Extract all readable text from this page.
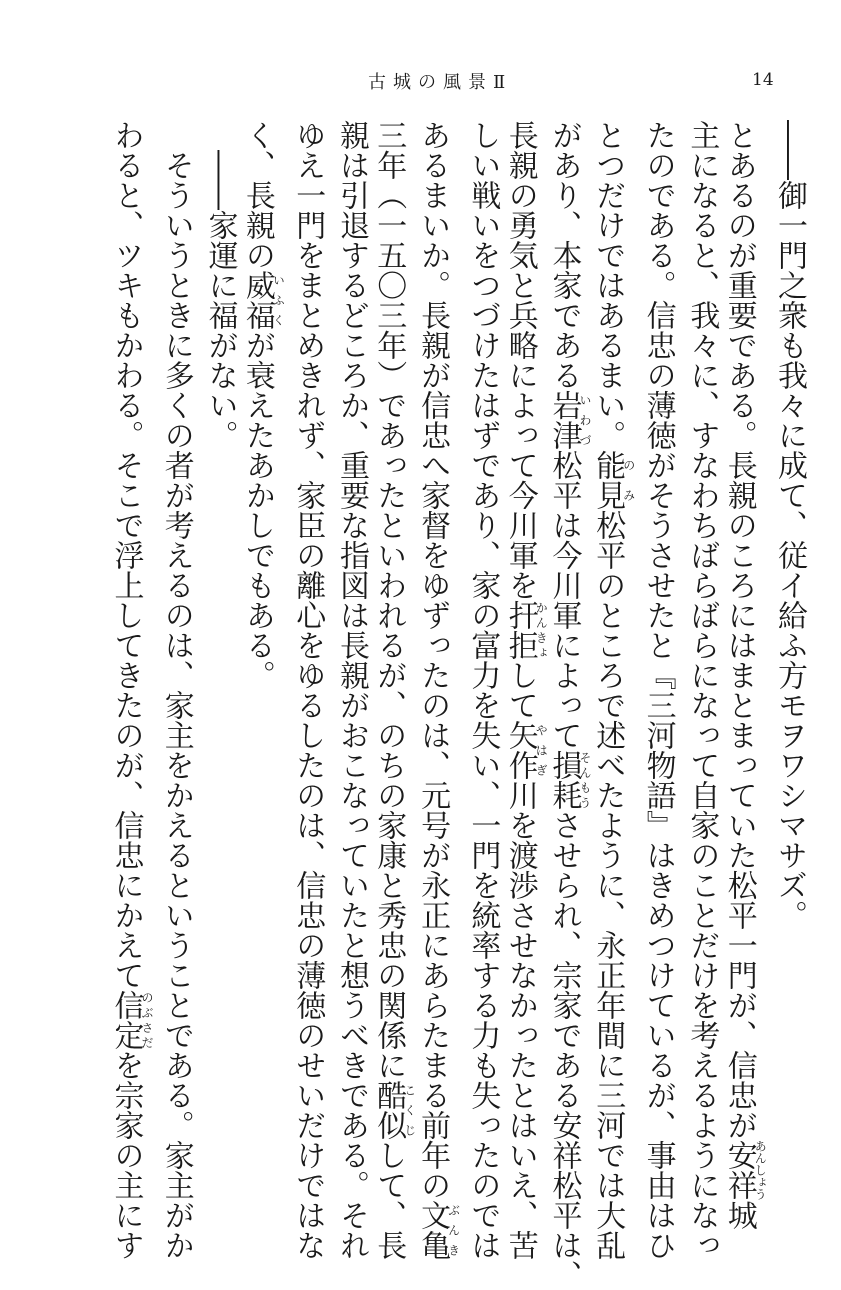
古城の風景Ⅱ	14
――御一門之衆も我々に成て、従イ給ふ方モヲワシマサズ。
とあるのが重要である。長親のころにはまとまっていた松平一門が、信忠が安祥あんしょう城
主になると、我々に、すなわちばらばらになって自家のことだけを考えるようになっ
たのである。信忠の薄徳がそうさせたと『三河物語』はきめつけているが、事由はひ
とつだけではあるまい。能見のみ松平のところで述べたように、永正年間に三河では大乱
があり、本家である岩津いわづ松平は今川軍によって損耗そんもうさせられ、宗家である安祥松平は、
長親の勇気と兵略によって今川軍を扞拒かんきょして矢作やはぎ川を渡渉させなかったとはいえ、苦
しい戦いをつづけたはずであり、家の富力を失い、一門を統率する力も失ったのでは
あるまいか。長親が信忠へ家督をゆずったのは、元号が永正にあらたまる前年の文亀ぶんき
三年（一五〇三年）であったといわれるが、のちの家康と秀忠の関係に酷似こくじして、長
親は引退するどころか、重要な指図は長親がおこなっていたと想うべきである。それ
ゆえ一門をまとめきれず、家臣の離心をゆるしたのは、信忠の薄徳のせいだけではな
く、長親の威福いふくが衰えたあかしでもある。
――家運に福がない。
そういうときに多くの者が考えるのは、家主をかえるということである。家主がか
わると、ツキもかわる。そこで浮上してきたのが、信忠にかえて信定のぶさだを宗家の主にす
